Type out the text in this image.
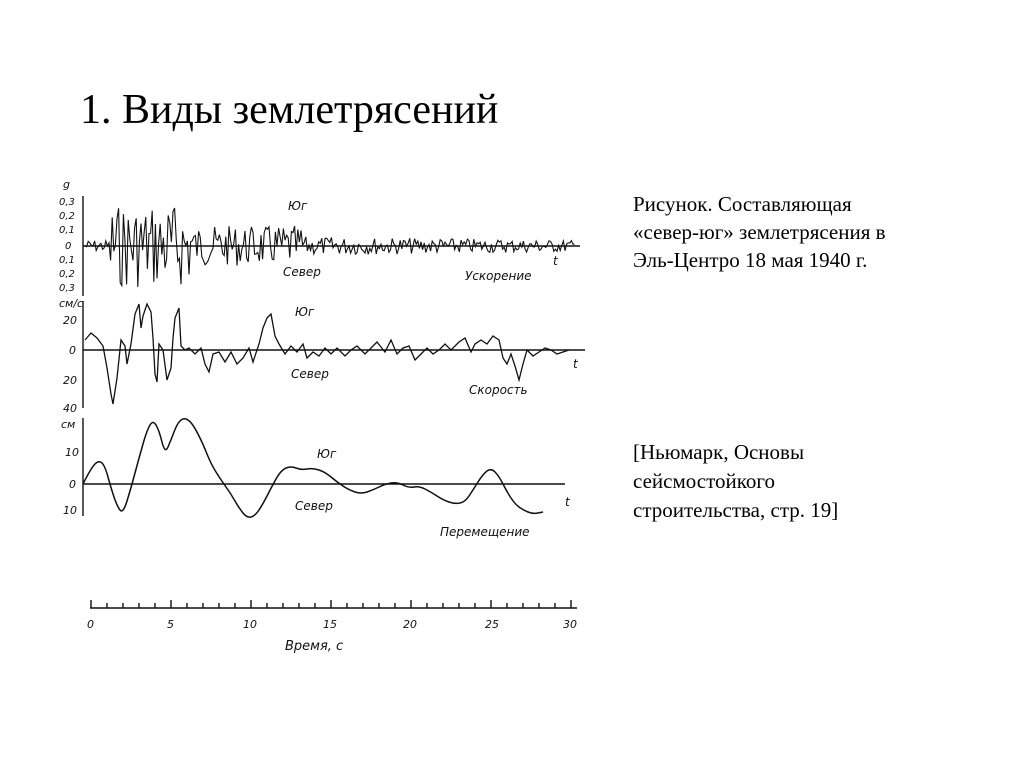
1. Виды землетрясений
g
0,3
0,2
0,1
0
0,1
0,2
0,3
Юг
Север	Ускорение
t
см/с
20
0
20
40
Юг
Север
Скорость
t
см
10
0
10
Юг
Север
Перемещение
t
0	5	10	15	20	25	30
Время, с

Рисунок. Составляющая

«север-юг» землетрясения в

Эль-Центро 18 мая 1940 г.

[Ньюмарк, Основы

сейсмостойкого

строительства, стр. 19]
